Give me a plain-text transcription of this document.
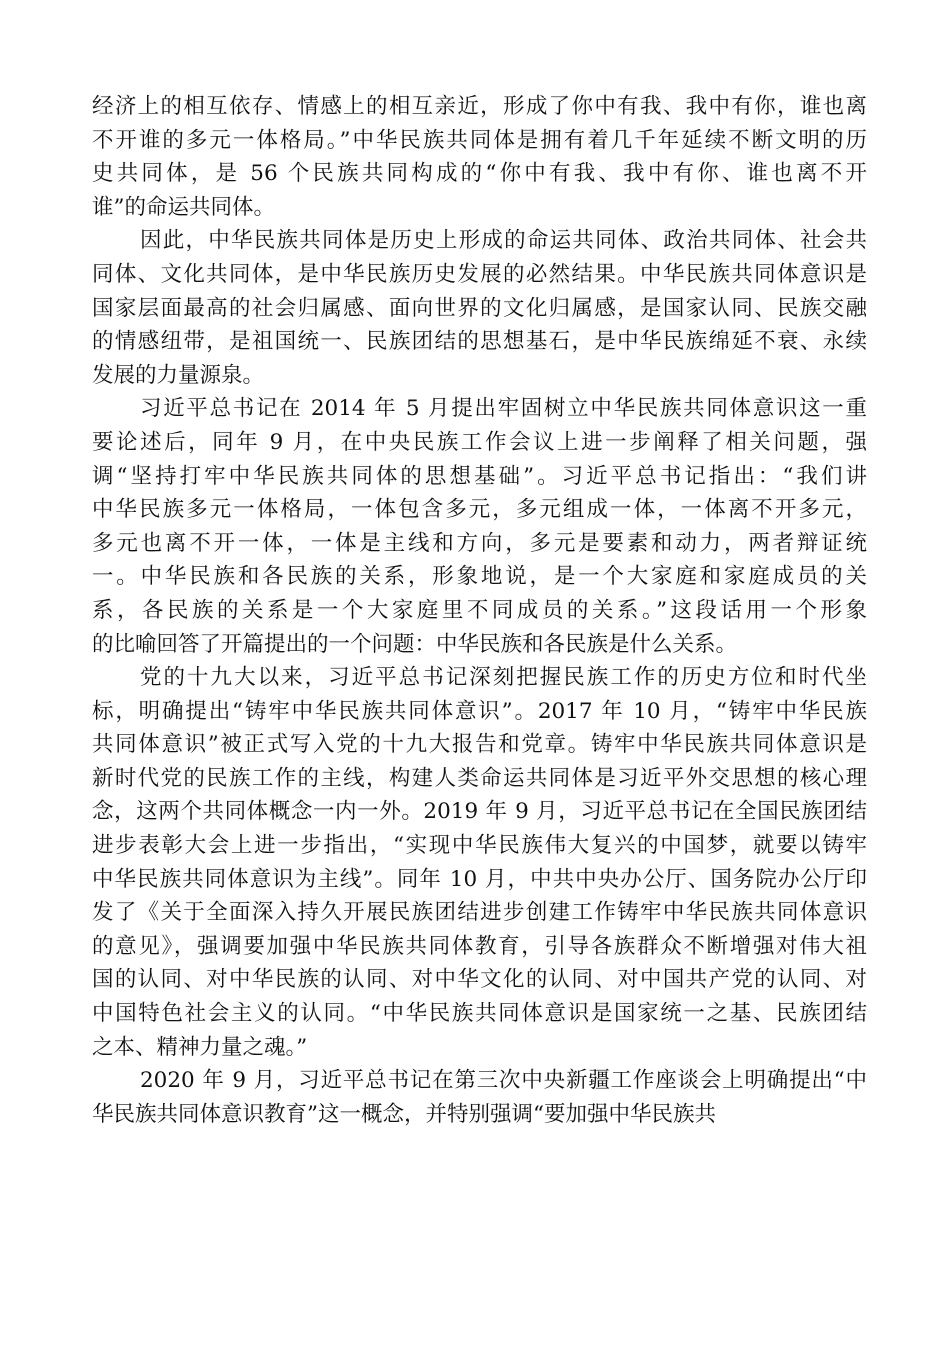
经济上的相互依存、情感上的相互亲近，形成了你中有我、我中有你，谁也离
不开谁的多元一体格局。”中华民族共同体是拥有着几千年延续不断文明的历
史共同体，是 56 个民族共同构成的“你中有我、我中有你、谁也离不开
谁”的命运共同体。
因此，中华民族共同体是历史上形成的命运共同体、政治共同体、社会共
同体、文化共同体，是中华民族历史发展的必然结果。中华民族共同体意识是
国家层面最高的社会归属感、面向世界的文化归属感，是国家认同、民族交融
的情感纽带，是祖国统一、民族团结的思想基石，是中华民族绵延不衰、永续
发展的力量源泉。
习近平总书记在 2014 年 5 月提出牢固树立中华民族共同体意识这一重
要论述后，同年 9 月，在中央民族工作会议上进一步阐释了相关问题，强
调“坚持打牢中华民族共同体的思想基础”。习近平总书记指出：“我们讲
中华民族多元一体格局，一体包含多元，多元组成一体，一体离不开多元，
多元也离不开一体，一体是主线和方向，多元是要素和动力，两者辩证统
一。中华民族和各民族的关系，形象地说，是一个大家庭和家庭成员的关
系，各民族的关系是一个大家庭里不同成员的关系。”这段话用一个形象
的比喻回答了开篇提出的一个问题：中华民族和各民族是什么关系。
党的十九大以来，习近平总书记深刻把握民族工作的历史方位和时代坐
标，明确提出“铸牢中华民族共同体意识”。2017 年 10 月，“铸牢中华民族
共同体意识”被正式写入党的十九大报告和党章。铸牢中华民族共同体意识是
新时代党的民族工作的主线，构建人类命运共同体是习近平外交思想的核心理
念，这两个共同体概念一内一外。2019 年 9 月，习近平总书记在全国民族团结
进步表彰大会上进一步指出，“实现中华民族伟大复兴的中国梦，就要以铸牢
中华民族共同体意识为主线”。同年 10 月，中共中央办公厅、国务院办公厅印
发了《关于全面深入持久开展民族团结进步创建工作铸牢中华民族共同体意识
的意见》，强调要加强中华民族共同体教育，引导各族群众不断增强对伟大祖
国的认同、对中华民族的认同、对中华文化的认同、对中国共产党的认同、对
中国特色社会主义的认同。“中华民族共同体意识是国家统一之基、民族团结
之本、精神力量之魂。”
2020 年 9 月，习近平总书记在第三次中央新疆工作座谈会上明确提出“中
华民族共同体意识教育”这一概念，并特别强调“要加强中华民族共
